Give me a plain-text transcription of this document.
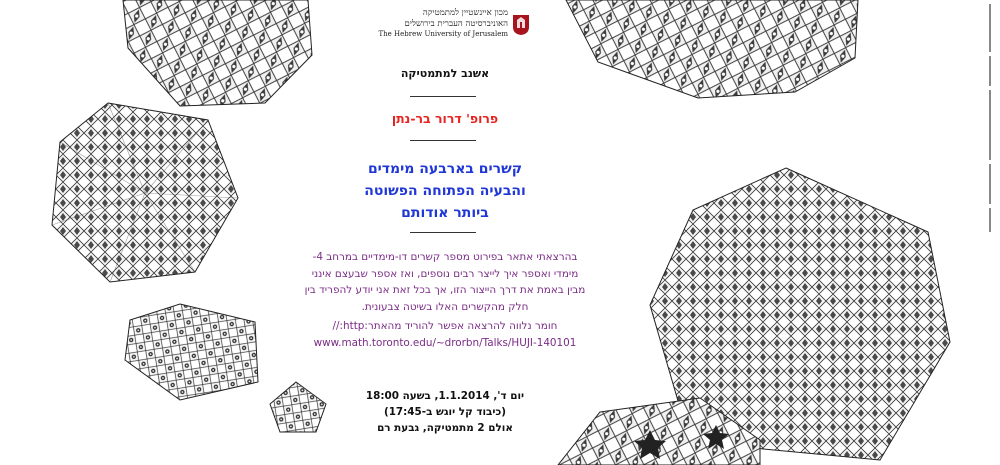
מכון איינשטיין למתמטיקה
האוניברסיטה העברית בירושלים
The Hebrew University of Jerusalem
אשנב למתמטיקה
פרופ' דרור בר-נתן
קשרים בארבעה מימדים
והבעיה הפתוחה הפשוטה
ביותר אודותם
בהרצאתי אתאר בפירוט מספר קשרים דו-מימדיים במרחב 4-
מימדי ואספר איך לייצר רבים נוספים, ואז אספר שבעצם אינני
מבין באמת את דרך הייצור הזו, אך בכל זאת אני יודע להפריד בין
חלק מהקשרים האלו בשיטה צבעונית.
חומר נלווה להרצאה אפשר להוריד מהאתר:http://
www.math.toronto.edu/~drorbn/Talks/HUJI-140101
יום ד', 1.1.2014, בשעה 18:00
(כיבוד קל יוגש ב-17:45)
אולם 2 מתמטיקה, גבעת רם
